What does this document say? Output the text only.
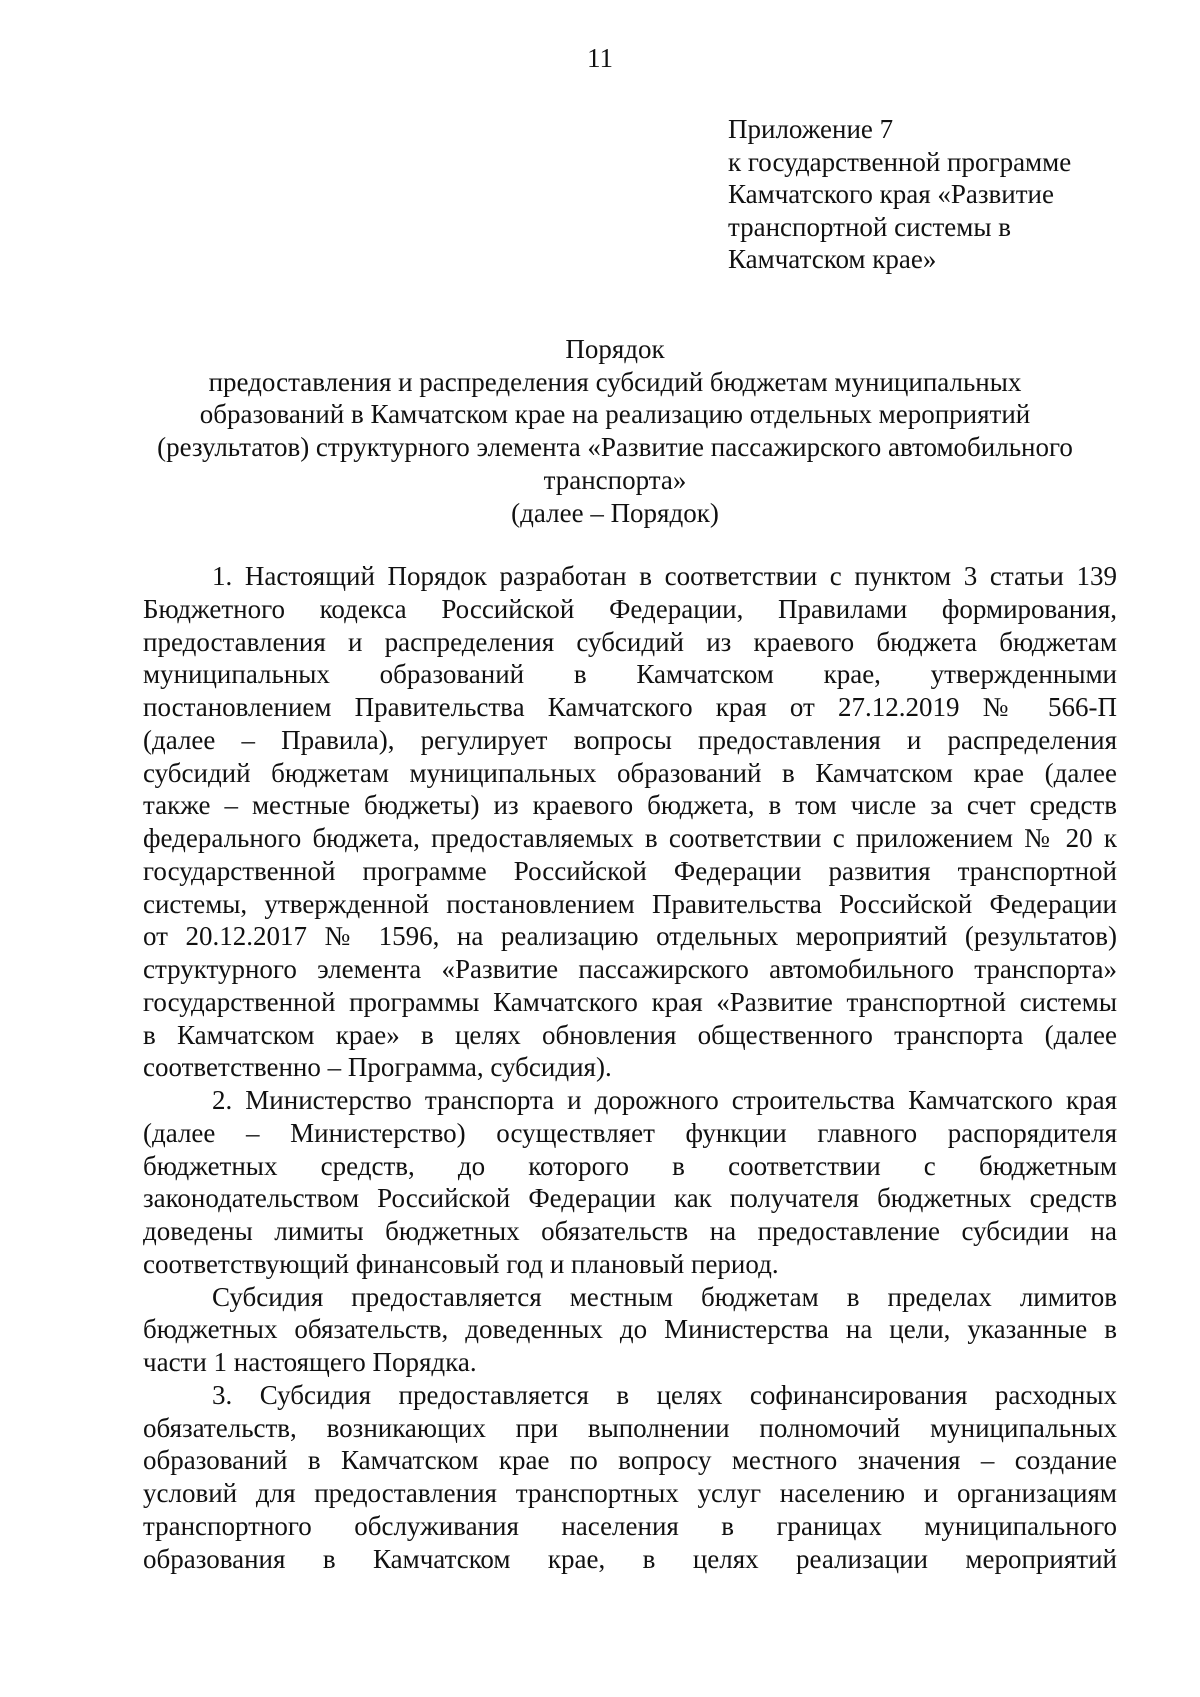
11
Приложение 7
к государственной программе
Камчатского края «Развитие
транспортной системы в
Камчатском крае»
Порядок
предоставления и распределения субсидий бюджетам муниципальных
образований в Камчатском крае на реализацию отдельных мероприятий
(результатов) структурного элемента «Развитие пассажирского автомобильного
транспорта»
(далее – Порядок)
1. Настоящий Порядок разработан в соответствии с пунктом 3 статьи 139
Бюджетного кодекса Российской Федерации, Правилами формирования,
предоставления и распределения субсидий из краевого бюджета бюджетам
муниципальных образований в Камчатском крае, утвержденными
постановлением Правительства Камчатского края от 27.12.2019 № 566-П
(далее – Правила), регулирует вопросы предоставления и распределения
субсидий бюджетам муниципальных образований в Камчатском крае (далее
также – местные бюджеты) из краевого бюджета, в том числе за счет средств
федерального бюджета, предоставляемых в соответствии с приложением № 20 к
государственной программе Российской Федерации развития транспортной
системы, утвержденной постановлением Правительства Российской Федерации
от 20.12.2017 № 1596, на реализацию отдельных мероприятий (результатов)
структурного элемента «Развитие пассажирского автомобильного транспорта»
государственной программы Камчатского края «Развитие транспортной системы
в Камчатском крае» в целях обновления общественного транспорта (далее
соответственно – Программа, субсидия).
2. Министерство транспорта и дорожного строительства Камчатского края
(далее – Министерство) осуществляет функции главного распорядителя
бюджетных средств, до которого в соответствии с бюджетным
законодательством Российской Федерации как получателя бюджетных средств
доведены лимиты бюджетных обязательств на предоставление субсидии на
соответствующий финансовый год и плановый период.
Субсидия предоставляется местным бюджетам в пределах лимитов
бюджетных обязательств, доведенных до Министерства на цели, указанные в
части 1 настоящего Порядка.
3. Субсидия предоставляется в целях софинансирования расходных
обязательств, возникающих при выполнении полномочий муниципальных
образований в Камчатском крае по вопросу местного значения – создание
условий для предоставления транспортных услуг населению и организациям
транспортного обслуживания населения в границах муниципального
образования в Камчатском крае, в целях реализации мероприятий
